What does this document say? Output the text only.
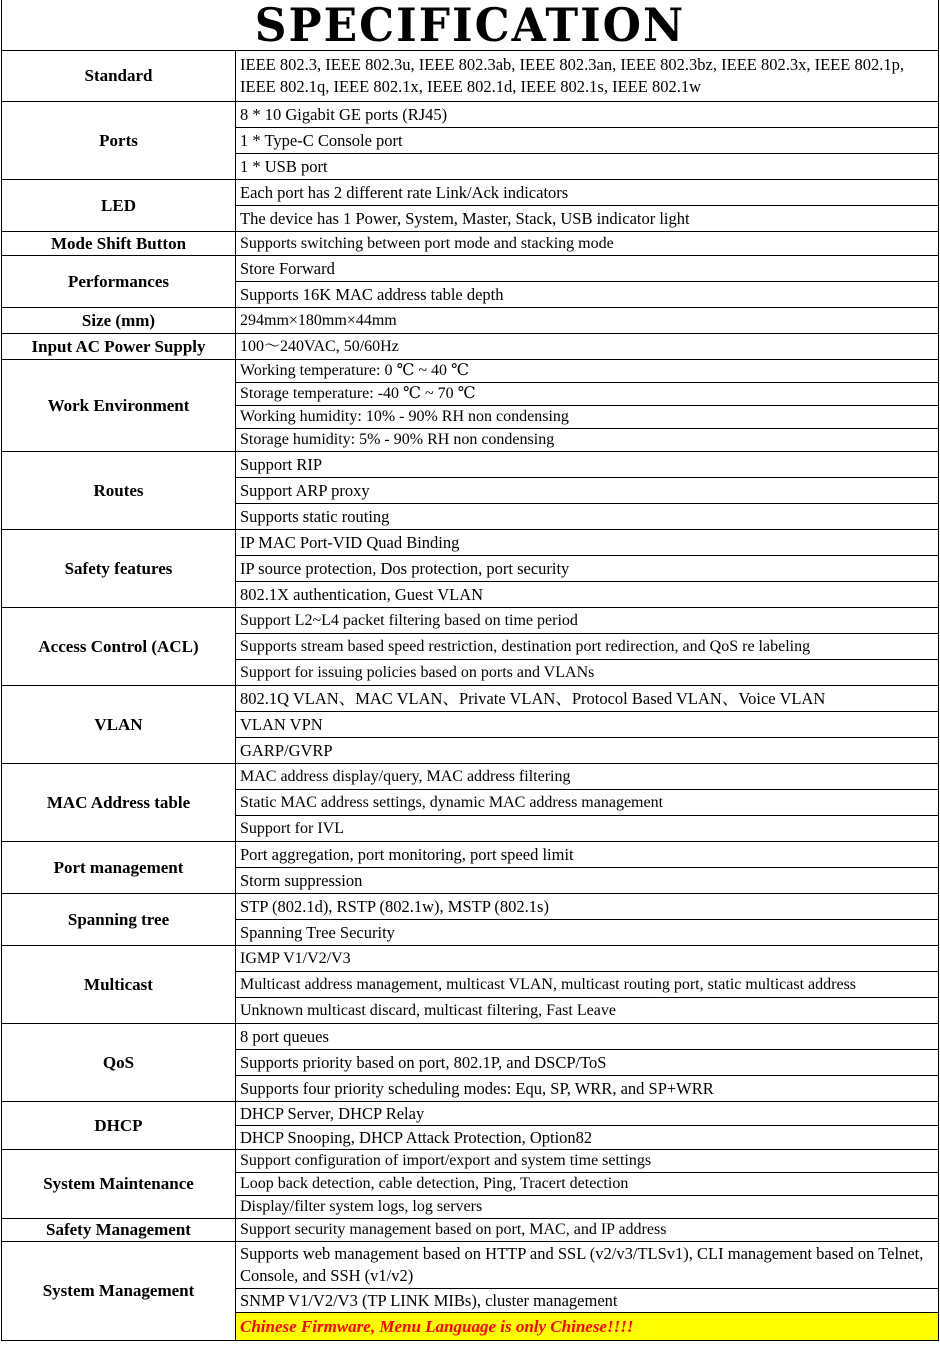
SPECIFICATION
Standard	IEEE 802.3, IEEE 802.3u, IEEE 802.3ab, IEEE 802.3an, IEEE 802.3bz, IEEE 802.3x, IEEE 802.1p, IEEE 802.1q, IEEE 802.1x, IEEE 802.1d, IEEE 802.1s, IEEE 802.1w
Ports	8 * 10 Gigabit GE ports (RJ45)
	1 * Type-C Console port
	1 * USB port
LED	Each port has 2 different rate Link/Ack indicators
	The device has 1 Power, System, Master, Stack, USB indicator light
Mode Shift Button	Supports switching between port mode and stacking mode
Performances	Store Forward
	Supports 16K MAC address table depth
Size (mm)	294mm×180mm×44mm
Input AC Power Supply	100～240VAC, 50/60Hz
Work Environment	Working temperature: 0 ℃ ~ 40 ℃
	Storage temperature: -40 ℃ ~ 70 ℃
	Working humidity: 10% - 90% RH non condensing
	Storage humidity: 5% - 90% RH non condensing
Routes	Support RIP
	Support ARP proxy
	Supports static routing
Safety features	IP MAC Port-VID Quad Binding
	IP source protection, Dos protection, port security
	802.1X authentication, Guest VLAN
Access Control (ACL)	Support L2~L4 packet filtering based on time period
	Supports stream based speed restriction, destination port redirection, and QoS re labeling
	Support for issuing policies based on ports and VLANs
VLAN	802.1Q VLAN、MAC VLAN、Private VLAN、Protocol Based VLAN、Voice VLAN
	VLAN VPN
	GARP/GVRP
MAC Address table	MAC address display/query, MAC address filtering
	Static MAC address settings, dynamic MAC address management
	Support for IVL
Port management	Port aggregation, port monitoring, port speed limit
	Storm suppression
Spanning tree	STP (802.1d), RSTP (802.1w), MSTP (802.1s)
	Spanning Tree Security
Multicast	IGMP V1/V2/V3
	Multicast address management, multicast VLAN, multicast routing port, static multicast address
	Unknown multicast discard, multicast filtering, Fast Leave
QoS	8 port queues
	Supports priority based on port, 802.1P, and DSCP/ToS
	Supports four priority scheduling modes: Equ, SP, WRR, and SP+WRR
DHCP	DHCP Server, DHCP Relay
	DHCP Snooping, DHCP Attack Protection, Option82
System Maintenance	Support configuration of import/export and system time settings
	Loop back detection, cable detection, Ping, Tracert detection
	Display/filter system logs, log servers
Safety Management	Support security management based on port, MAC, and IP address
System Management	Supports web management based on HTTP and SSL (v2/v3/TLSv1), CLI management based on Telnet, Console, and SSH (v1/v2)
	SNMP V1/V2/V3 (TP LINK MIBs), cluster management
	Chinese Firmware, Menu Language is only Chinese!!!!
